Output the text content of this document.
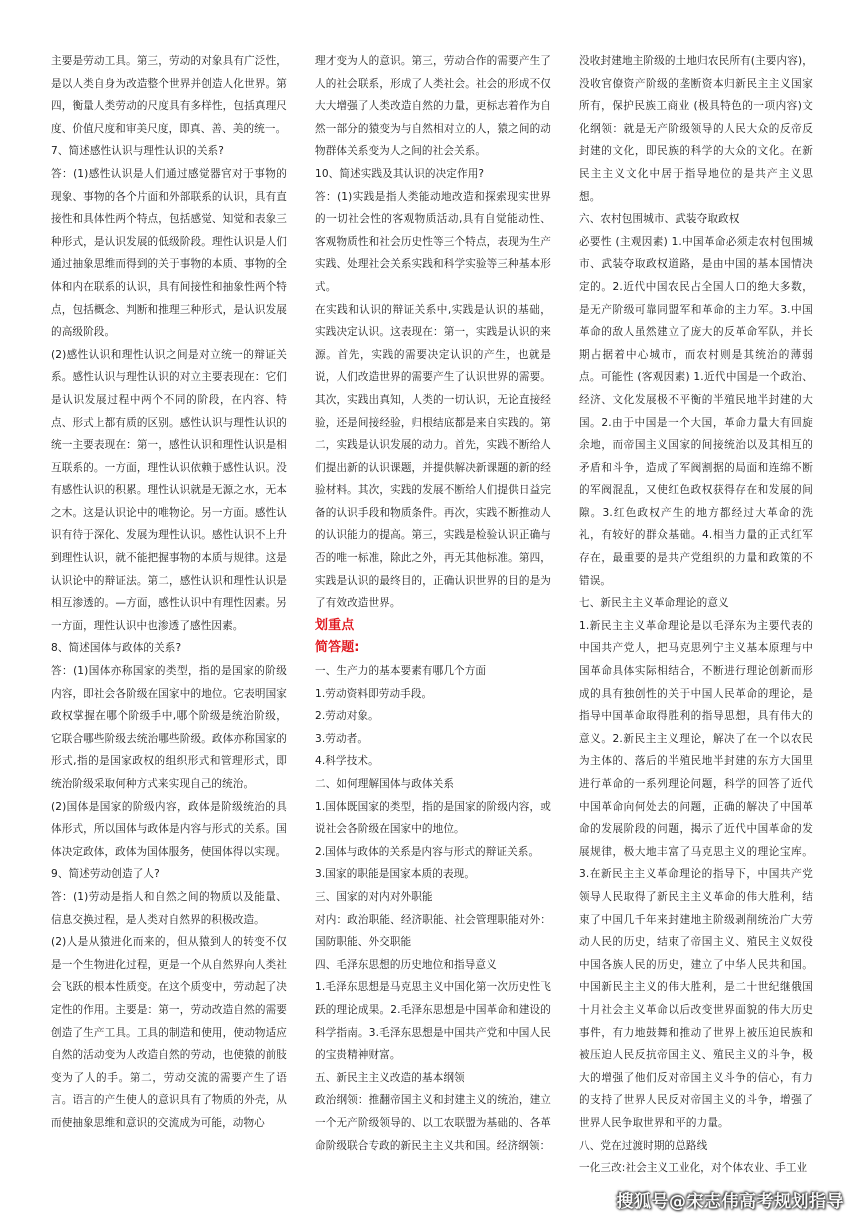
主要是劳动工具。第三，劳动的对象具有广泛性，是以人类自身为改造整个世界并创造人化世界。第四，衡量人类劳动的尺度具有多样性，包括真理尺度、价值尺度和审美尺度，即真、善、美的统一。

7、简述感性认识与理性认识的关系?

答：(1)感性认识是人们通过感觉器官对于事物的现象、事物的各个片面和外部联系的认识，具有直接性和具体性两个特点，包括感觉、知觉和表象三种形式，是认识发展的低级阶段。理性认识是人们通过抽象思维而得到的关于事物的本质、事物的全体和内在联系的认识，具有间接性和抽象性两个特点，包括概念、判断和推理三种形式，是认识发展的高级阶段。

(2)感性认识和理性认识之间是对立统一的辩证关系。感性认识与理性认识的对立主要表现在：它们是认识发展过程中两个不同的阶段，在内容、特点、形式上都有质的区别。感性认识与理性认识的统一主要表现在：第一，感性认识和理性认识是相互联系的。一方面，理性认识依赖于感性认识。没有感性认识的积累。理性认识就是无源之水，无本之木。这是认识论中的唯物论。另一方面。感性认识有待于深化、发展为理性认识。感性认识不上升到理性认识，就不能把握事物的本质与规律。这是认识论中的辩证法。第二，感性认识和理性认识是相互渗透的。—方面，感性认识中有理性因素。另一方面，理性认识中也渗透了感性因素。

8、简述国体与政体的关系?

答：(1)国体亦称国家的类型，指的是国家的阶级内容，即社会各阶级在国家中的地位。它表明国家政权掌握在哪个阶级手中,哪个阶级是统治阶级，它联合哪些阶级去统治哪些阶级。政体亦称国家的形式,指的是国家政权的组织形式和管理形式，即统治阶级采取何种方式来实现自己的统治。

(2)国体是国家的阶级内容，政体是阶级统治的具体形式，所以国体与政体是内容与形式的关系。国体决定政体，政体为国体服务，使国体得以实现。

9、简述劳动创造了人?

答：(1)劳动是指人和自然之间的物质以及能量、信息交换过程，是人类对自然界的积极改造。

(2)人是从猿进化而来的，但从猿到人的转变不仅是一个生物进化过程，更是一个从自然界向人类社会飞跃的根本性质变。在这个质变中，劳动起了决定性的作用。主要是：第一，劳动改造自然的需要创造了生产工具。工具的制造和使用，使动物适应自然的活动变为人改造自然的劳动，也使猿的前肢变为了人的手。第二，劳动交流的需要产生了语言。语言的产生使人的意识具有了物质的外壳，从而使抽象思维和意识的交流成为可能，动物心

理才变为人的意识。第三，劳动合作的需要产生了人的社会联系，形成了人类社会。社会的形成不仅大大增强了人类改造自然的力量，更标志着作为自然一部分的猿变为与自然相对立的人，猿之间的动物群体关系变为人之间的社会关系。

10、简述实践及其认识的决定作用?

答：(1)实践是指人类能动地改造和探索现实世界的一切社会性的客观物质活动,具有自觉能动性、客观物质性和社会历史性等三个特点，表现为生产实践、处理社会关系实践和科学实验等三种基本形式。

在实践和认识的辩证关系中,实践是认识的基础，实践决定认识。这表现在：第一，实践是认识的来源。首先，实践的需要决定认识的产生，也就是说，人们改造世界的需要产生了认识世界的需要。其次，实践出真知，人类的一切认识，无论直接经验，还是间接经验，归根结底都是来自实践的。第二，实践是认识发展的动力。首先，实践不断给人们提出新的认识课题，并提供解决新课题的新的经验材料。其次，实践的发展不断给人们提供日益完备的认识手段和物质条件。再次，实践不断推动人的认识能力的提高。第三，实践是检验认识正确与否的唯一标准，除此之外，再无其他标准。第四，实践是认识的最终目的，正确认识世界的目的是为了有效改造世界。

划重点

简答题:

一、生产力的基本要素有哪几个方面

1.劳动资料即劳动手段。

2.劳动对象。

3.劳动者。

4.科学技术。

二、如何理解国体与政体关系

1.国体既国家的类型，指的是国家的阶级内容，或说社会各阶级在国家中的地位。

2.国体与政体的关系是内容与形式的辩证关系。

3.国家的职能是国家本质的表现。

三、国家的对内对外职能

对内：政治职能、经济职能、社会管理职能对外：国防职能、外交职能

四、毛泽东思想的历史地位和指导意义

1.毛泽东思想是马克思主义中国化第一次历史性飞跃的理论成果。2.毛泽东思想是中国革命和建设的科学指南。3.毛泽东思想是中国共产党和中国人民的宝贵精神财富。

五、新民主主义改造的基本纲领

政治纲领：推翻帝国主义和封建主义的统治，建立一个无产阶级领导的、以工农联盟为基础的、各革命阶级联合专政的新民主主义共和国。经济纲领：

没收封建地主阶级的土地归农民所有(主要内容)，没收官僚资产阶级的垄断资本归新民主主义国家所有，保护民族工商业 (极具特色的一项内容)文化纲领：就是无产阶级领导的人民大众的反帝反封建的文化，即民族的科学的大众的文化。在新民主主义文化中居于指导地位的是共产主义思想。

六、农村包围城市、武装夺取政权

必要性 (主观因素) 1.中国革命必须走农村包围城市、武装夺取政权道路，是由中国的基本国情决定的。2.近代中国农民占全国人口的绝大多数，是无产阶级可靠同盟军和革命的主力军。3.中国革命的敌人虽然建立了庞大的反革命军队，并长期占据着中心城市，而农村则是其统治的薄弱点。可能性 (客观因素) 1.近代中国是一个政治、经济、文化发展极不平衡的半殖民地半封建的大国。2.由于中国是一个大国，革命力量大有回旋余地，而帝国主义国家的间接统治以及其相互的矛盾和斗争，造成了军阀割据的局面和连绵不断的军阀混乱，又使红色政权获得存在和发展的间隙。3.红色政权产生的地方都经过大革命的洗礼，有较好的群众基础。4.相当力量的正式红军存在，最重要的是共产党组织的力量和政策的不错误。

七、新民主主义革命理论的意义

1.新民主主义革命理论是以毛泽东为主要代表的中国共产党人，把马克思列宁主义基本原理与中国革命具体实际相结合，不断进行理论创新而形成的具有独创性的关于中国人民革命的理论，是指导中国革命取得胜利的指导思想，具有伟大的意义。2.新民主主义理论，解决了在一个以农民为主体的、落后的半殖民地半封建的东方大国里进行革命的一系列理论问题，科学的回答了近代中国革命向何处去的问题，正确的解决了中国革命的发展阶段的问题，揭示了近代中国革命的发展规律，极大地丰富了马克思主义的理论宝库。3.在新民主主义革命理论的指导下，中国共产党领导人民取得了新民主主义革命的伟大胜利，结束了中国几千年来封建地主阶级剥削统治广大劳动人民的历史，结束了帝国主义、殖民主义奴役中国各族人民的历史，建立了中华人民共和国。中国新民主主义的伟大胜利，是二十世纪继俄国十月社会主义革命以后改变世界面貌的伟大历史事件，有力地鼓舞和推动了世界上被压迫民族和被压迫人民反抗帝国主义、殖民主义的斗争，极大的增强了他们反对帝国主义斗争的信心，有力的支持了世界人民反对帝国主义的斗争，增强了世界人民争取世界和平的力量。

八、党在过渡时期的总路线

一化三改:社会主义工业化，对个体农业、手工业

搜狐号@宋志伟高考规划指导
